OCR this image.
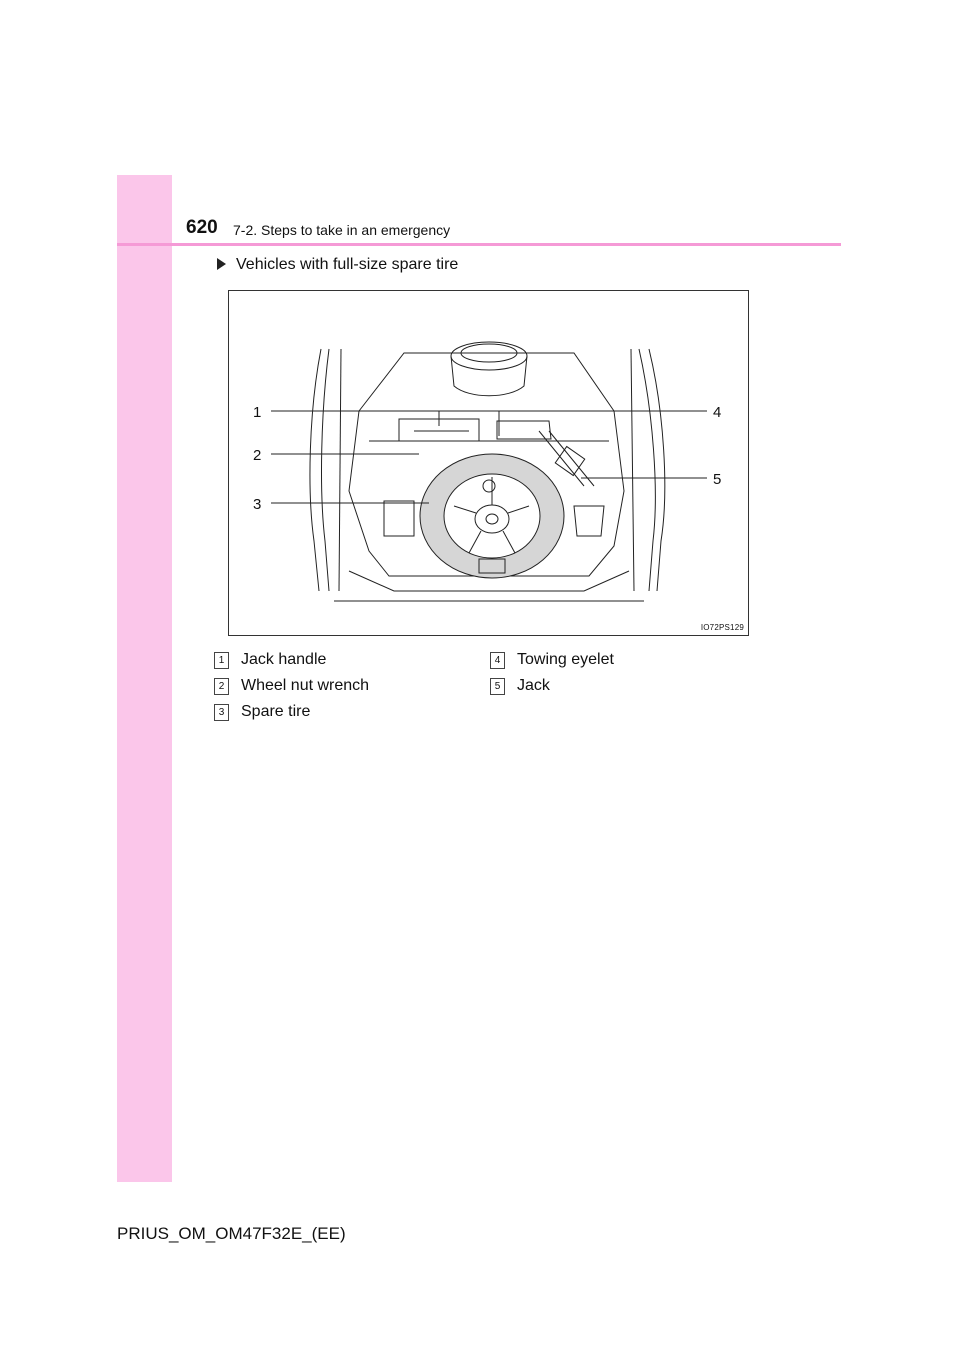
620 7-2. Steps to take in an emergency
Vehicles with full-size spare tire
1
2
3
4
5
IO72PS129
1 Jack handle
2 Wheel nut wrench
3 Spare tire
4 Towing eyelet
5 Jack
PRIUS_OM_OM47F32E_(EE)
